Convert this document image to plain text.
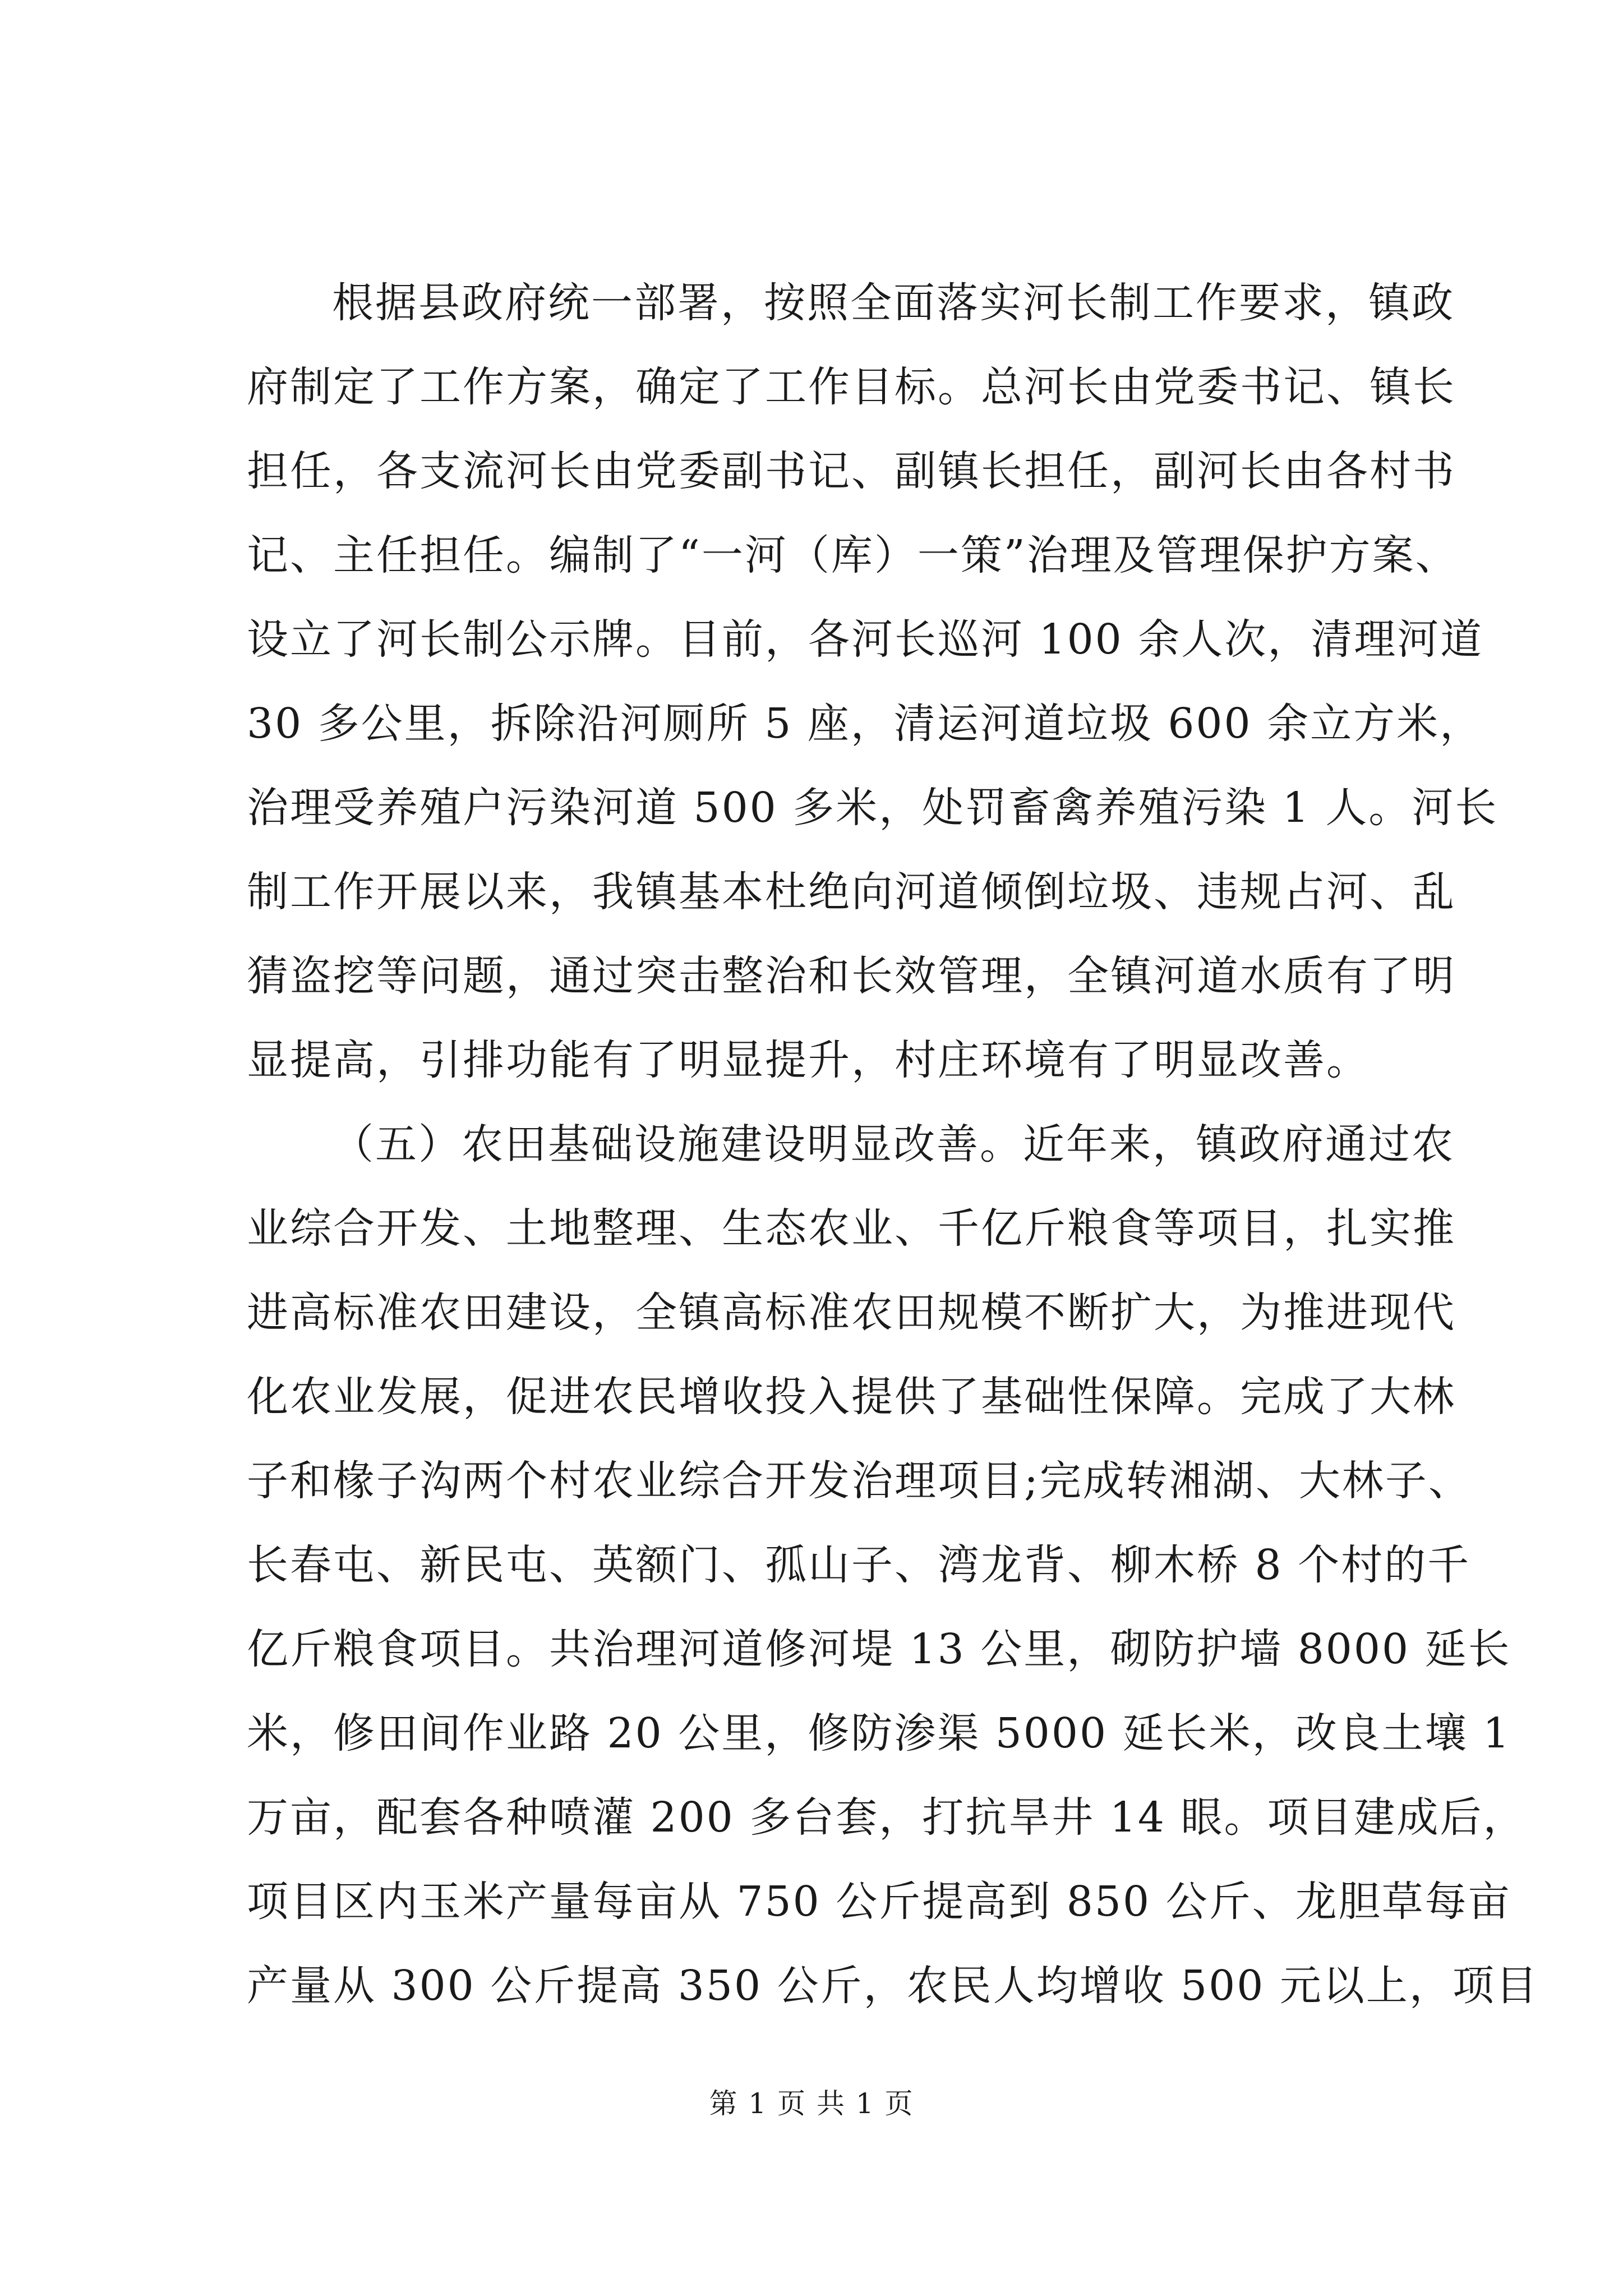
根据县政府统一部署，按照全面落实河长制工作要求，镇政
府制定了工作方案，确定了工作目标。总河长由党委书记、镇长
担任，各支流河长由党委副书记、副镇长担任，副河长由各村书
记、主任担任。编制了“一河（库）一策”治理及管理保护方案、
设立了河长制公示牌。目前，各河长巡河 100 余人次，清理河道
30 多公里，拆除沿河厕所 5 座，清运河道垃圾 600 余立方米，
治理受养殖户污染河道 500 多米，处罚畜禽养殖污染 1 人。河长
制工作开展以来，我镇基本杜绝向河道倾倒垃圾、违规占河、乱
猜盗挖等问题，通过突击整治和长效管理，全镇河道水质有了明
显提高，引排功能有了明显提升，村庄环境有了明显改善。
（五）农田基础设施建设明显改善。近年来，镇政府通过农
业综合开发、土地整理、生态农业、千亿斤粮食等项目，扎实推
进高标准农田建设，全镇高标准农田规模不断扩大，为推进现代
化农业发展，促进农民增收投入提供了基础性保障。完成了大林
子和椽子沟两个村农业综合开发治理项目;完成转湘湖、大林子、
长春屯、新民屯、英额门、孤山子、湾龙背、柳木桥 8 个村的千
亿斤粮食项目。共治理河道修河堤 13 公里，砌防护墙 8000 延长
米，修田间作业路 20 公里，修防渗渠 5000 延长米，改良土壤 1
万亩，配套各种喷灌 200 多台套，打抗旱井 14 眼。项目建成后，
项目区内玉米产量每亩从 750 公斤提高到 850 公斤、龙胆草每亩
产量从 300 公斤提高 350 公斤，农民人均增收 500 元以上，项目
第 1 页 共 1 页
